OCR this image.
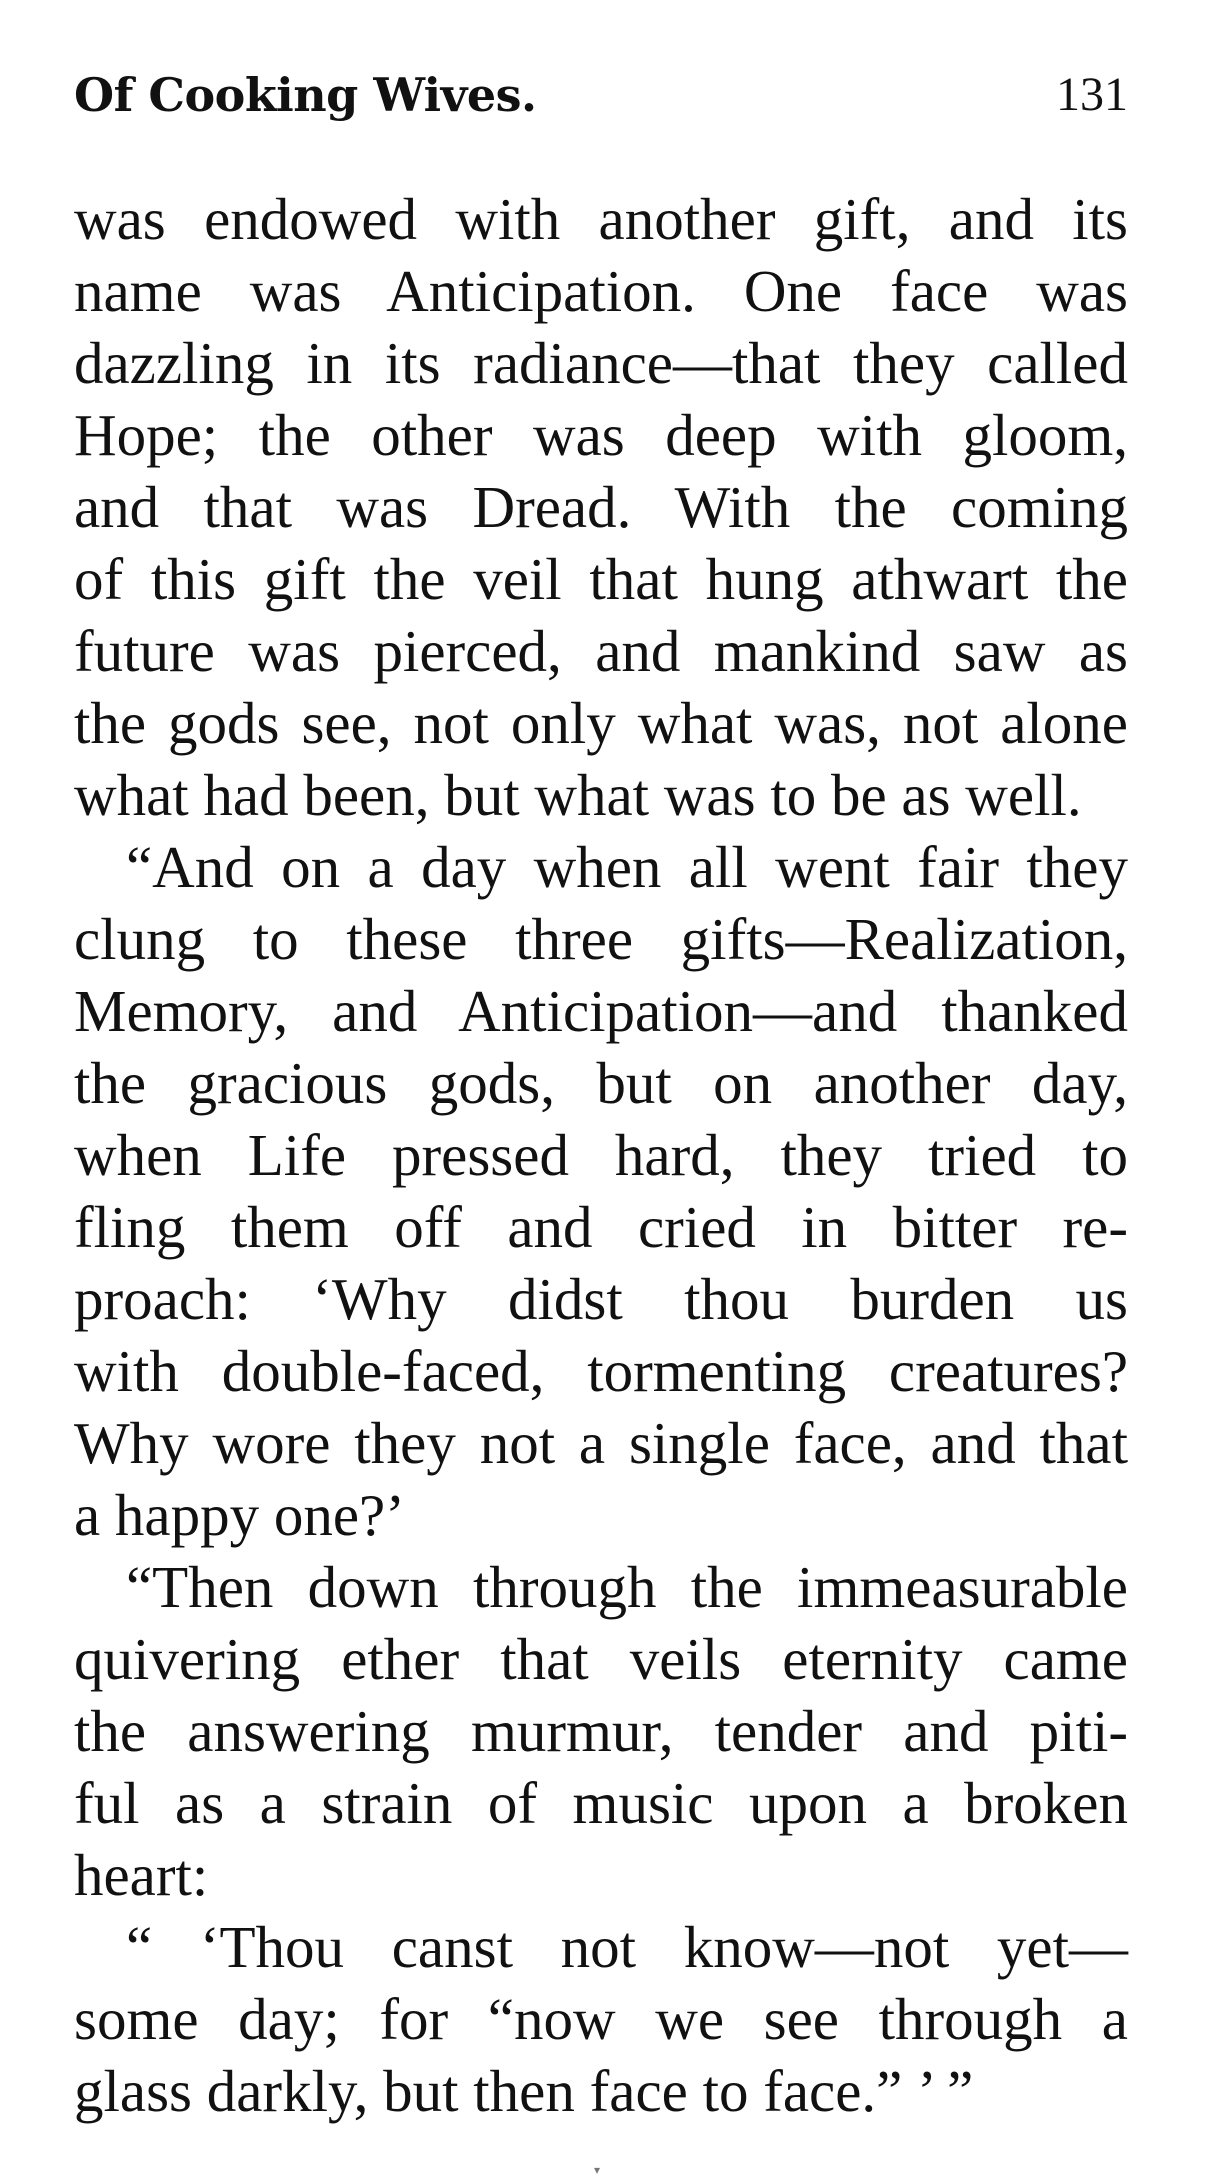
Of Cooking Wives.	131
was endowed with another gift, and its
name was Anticipation. One face was
dazzling in its radiance—that they called
Hope; the other was deep with gloom,
and that was Dread. With the coming
of this gift the veil that hung athwart the
future was pierced, and mankind saw as
the gods see, not only what was, not alone
what had been, but what was to be as well.
“And on a day when all went fair they
clung to these three gifts—Realization,
Memory, and Anticipation—and thanked
the gracious gods, but on another day,
when Life pressed hard, they tried to
fling them off and cried in bitter re-
proach: ‘Why didst thou burden us
with double-faced, tormenting creatures?
Why wore they not a single face, and that
a happy one?’
“Then down through the immeasurable
quivering ether that veils eternity came
the answering murmur, tender and piti-
ful as a strain of music upon a broken
heart:
“ ‘Thou canst not know—not yet—
some day; for “now we see through a
glass darkly, but then face to face.” ’ ”
▾
